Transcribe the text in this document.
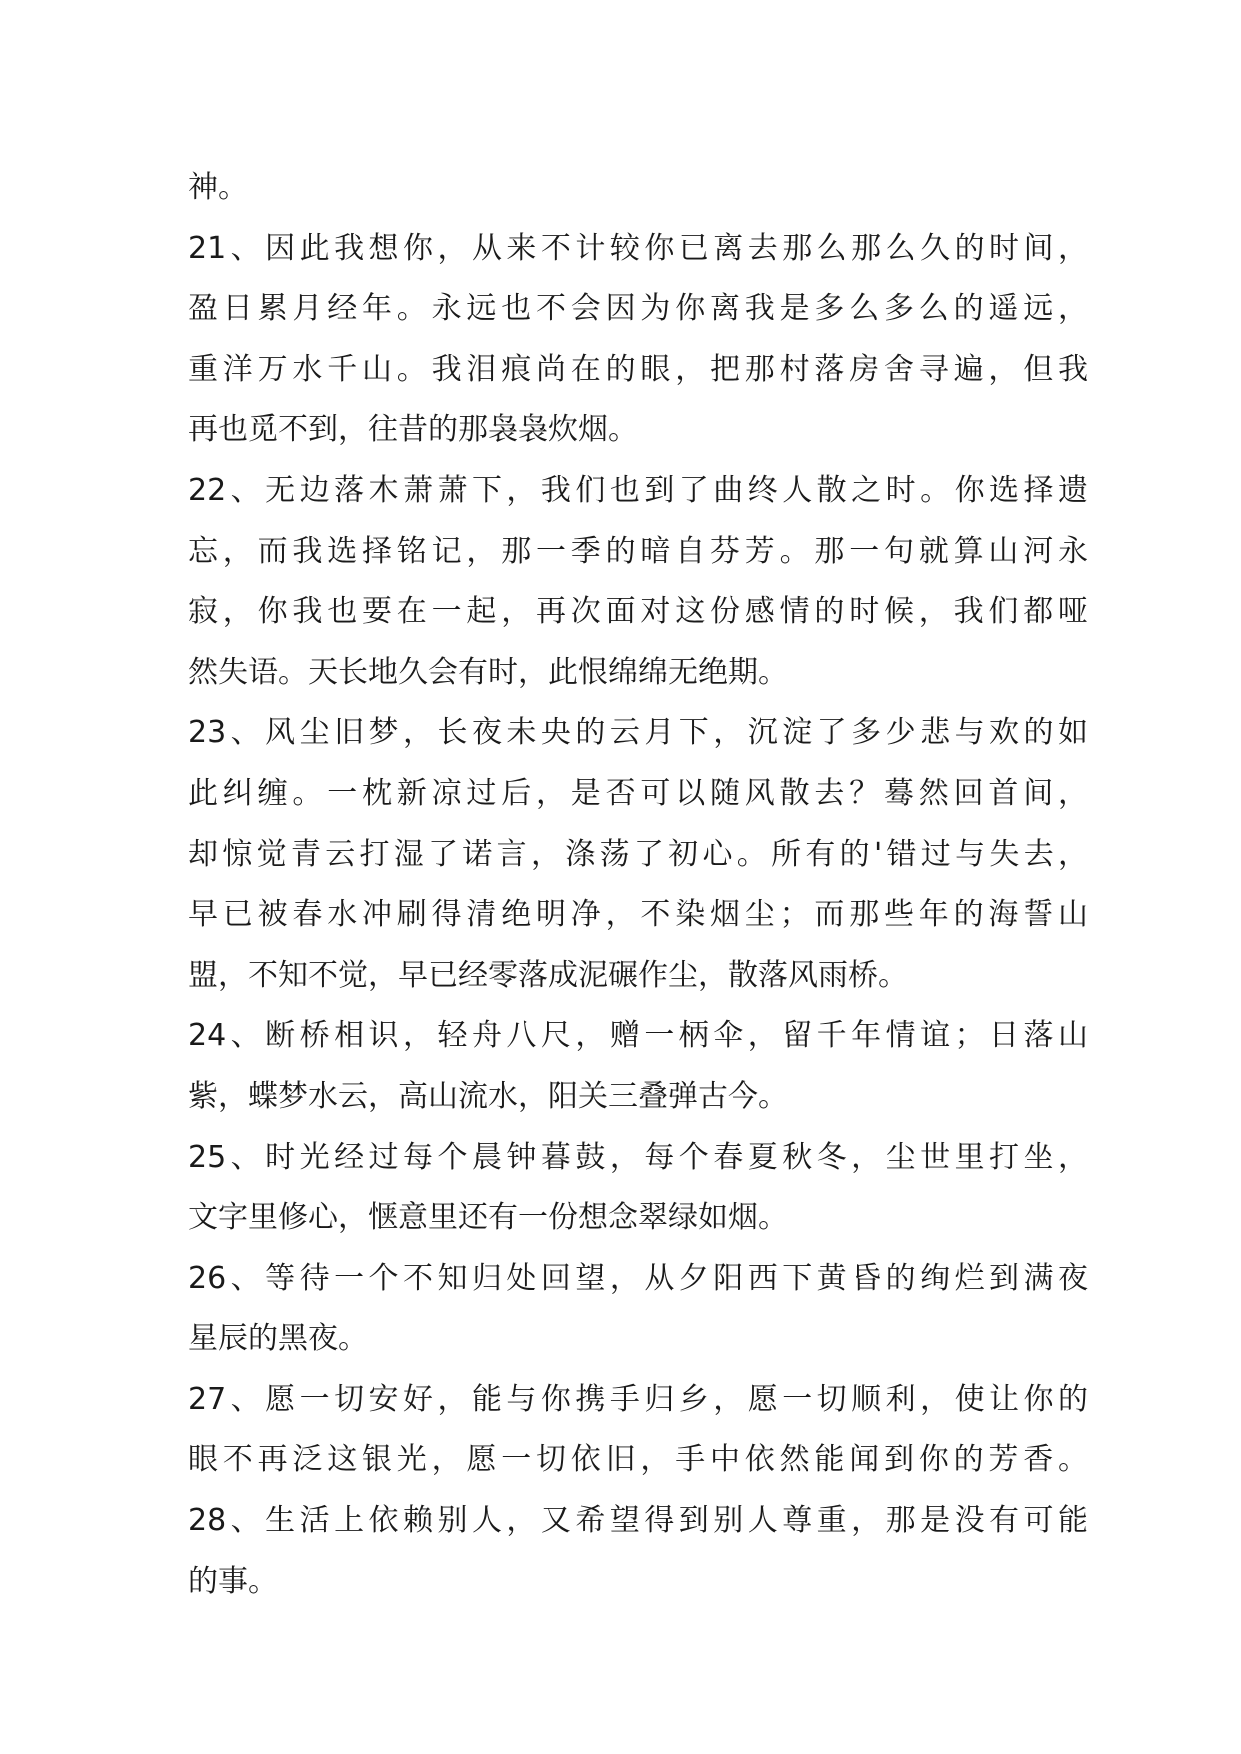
神。
21、因此我想你，从来不计较你已离去那么那么久的时间，
盈日累月经年。永远也不会因为你离我是多么多么的遥远，
重洋万水千山。我泪痕尚在的眼，把那村落房舍寻遍，但我
再也觅不到，往昔的那袅袅炊烟。
22、无边落木萧萧下，我们也到了曲终人散之时。你选择遗
忘，而我选择铭记，那一季的暗自芬芳。那一句就算山河永
寂，你我也要在一起，再次面对这份感情的时候，我们都哑
然失语。天长地久会有时，此恨绵绵无绝期。
23、风尘旧梦，长夜未央的云月下，沉淀了多少悲与欢的如
此纠缠。一枕新凉过后，是否可以随风散去？蓦然回首间，
却惊觉青云打湿了诺言，涤荡了初心。所有的'错过与失去，
早已被春水冲刷得清绝明净，不染烟尘；而那些年的海誓山
盟，不知不觉，早已经零落成泥碾作尘，散落风雨桥。
24、断桥相识，轻舟八尺，赠一柄伞，留千年情谊；日落山
紫，蝶梦水云，高山流水，阳关三叠弹古今。
25、时光经过每个晨钟暮鼓，每个春夏秋冬，尘世里打坐，
文字里修心，惬意里还有一份想念翠绿如烟。
26、等待一个不知归处回望，从夕阳西下黄昏的绚烂到满夜
星辰的黑夜。
27、愿一切安好，能与你携手归乡，愿一切顺利，使让你的
眼不再泛这银光，愿一切依旧，手中依然能闻到你的芳香。
28、生活上依赖别人，又希望得到别人尊重，那是没有可能
的事。
